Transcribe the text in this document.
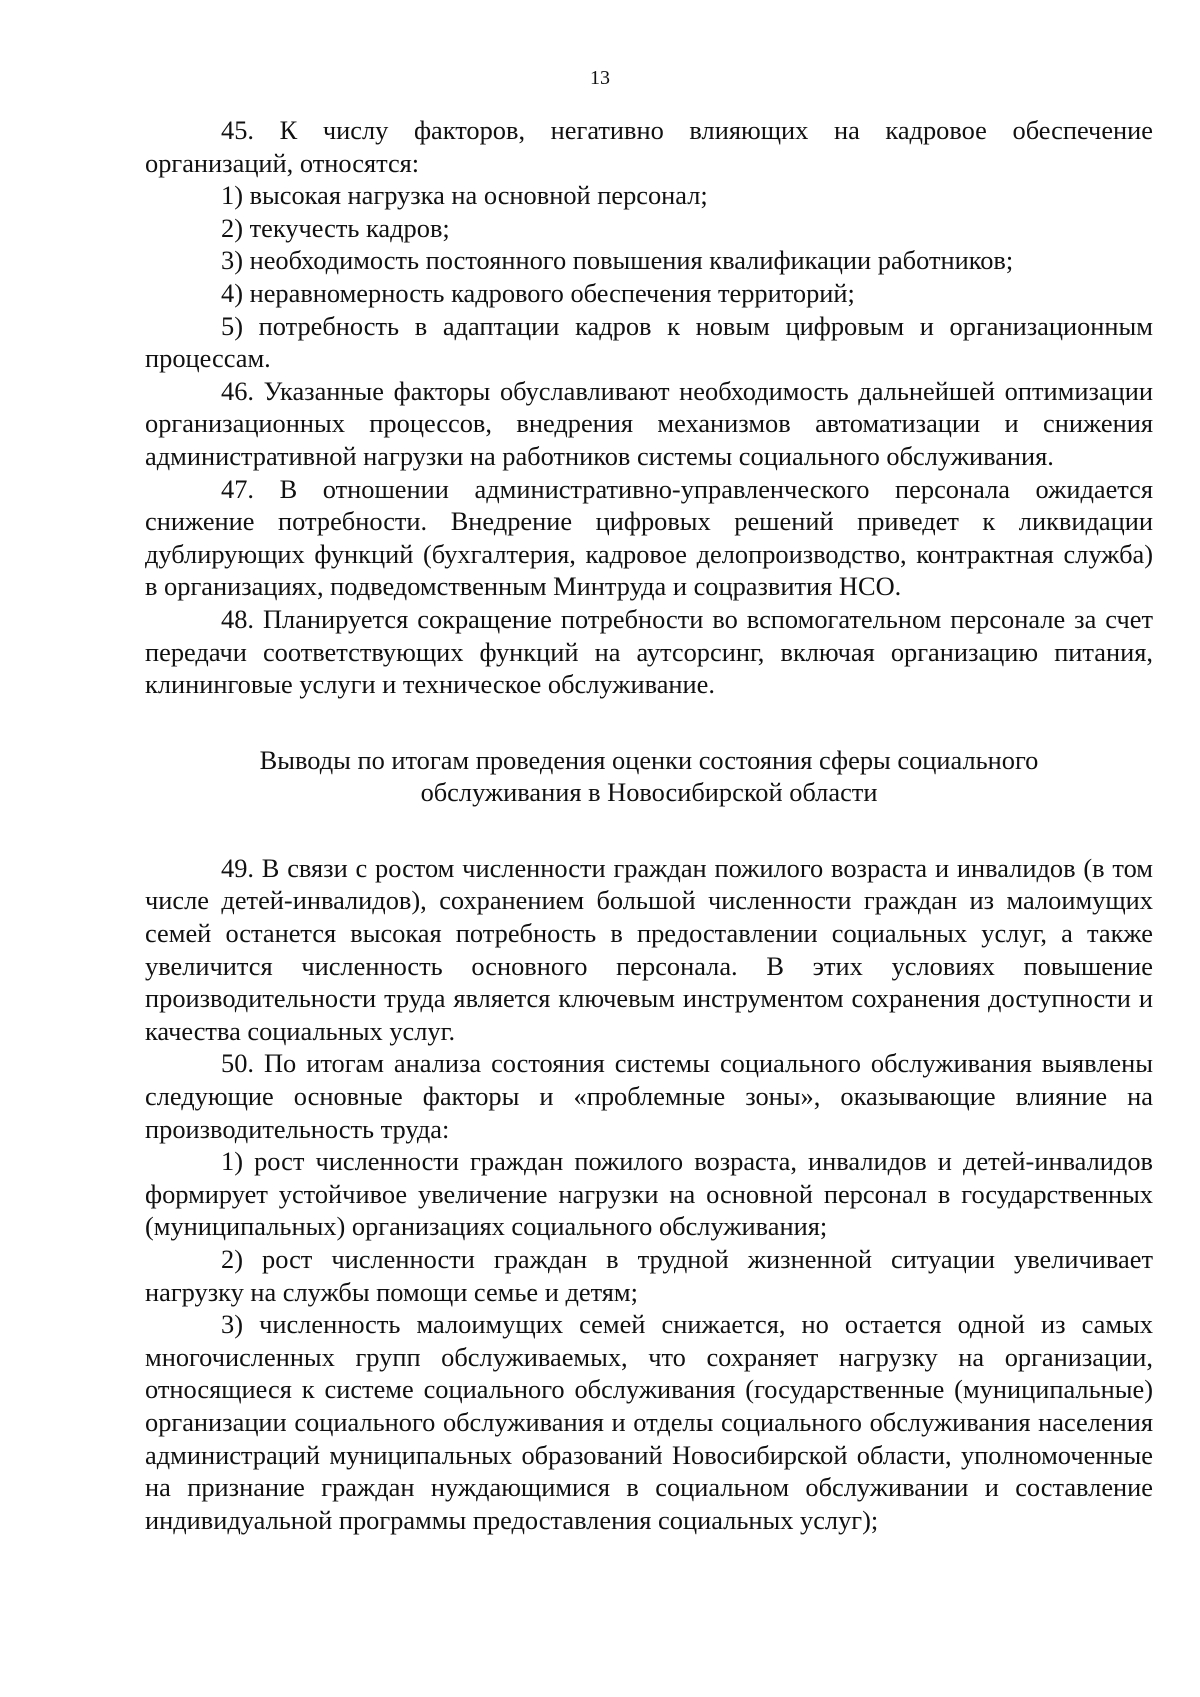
13

45. К числу факторов, негативно влияющих на кадровое обеспечение организаций, относятся:

1) высокая нагрузка на основной персонал;

2) текучесть кадров;

3) необходимость постоянного повышения квалификации работников;

4) неравномерность кадрового обеспечения территорий;

5) потребность в адаптации кадров к новым цифровым и организационным процессам.

46. Указанные факторы обуславливают необходимость дальнейшей оптимизации организационных процессов, внедрения механизмов автоматизации и снижения административной нагрузки на работников системы социального обслуживания.

47. В отношении административно-управленческого персонала ожидается снижение потребности. Внедрение цифровых решений приведет к ликвидации дублирующих функций (бухгалтерия, кадровое делопроизводство, контрактная служба) в организациях, подведомственным Минтруда и соцразвития НСО.

48. Планируется сокращение потребности во вспомогательном персонале за счет передачи соответствующих функций на аутсорсинг, включая организацию питания, клининговые услуги и техническое обслуживание.

Выводы по итогам проведения оценки состояния сферы социального
обслуживания в Новосибирской области

49. В связи с ростом численности граждан пожилого возраста и инвалидов (в том числе детей-инвалидов), сохранением большой численности граждан из малоимущих семей останется высокая потребность в предоставлении социальных услуг, а также увеличится численность основного персонала. В этих условиях повышение производительности труда является ключевым инструментом сохранения доступности и качества социальных услуг.

50. По итогам анализа состояния системы социального обслуживания выявлены следующие основные факторы и «проблемные зоны», оказывающие влияние на производительность труда:

1) рост численности граждан пожилого возраста, инвалидов и детей-инвалидов формирует устойчивое увеличение нагрузки на основной персонал в государственных (муниципальных) организациях социального обслуживания;

2) рост численности граждан в трудной жизненной ситуации увеличивает нагрузку на службы помощи семье и детям;

3) численность малоимущих семей снижается, но остается одной из самых многочисленных групп обслуживаемых, что сохраняет нагрузку на организации, относящиеся к системе социального обслуживания (государственные (муниципальные) организации социального обслуживания и отделы социального обслуживания населения администраций муниципальных образований Новосибирской области, уполномоченные на признание граждан нуждающимися в социальном обслуживании и составление индивидуальной программы предоставления социальных услуг);
